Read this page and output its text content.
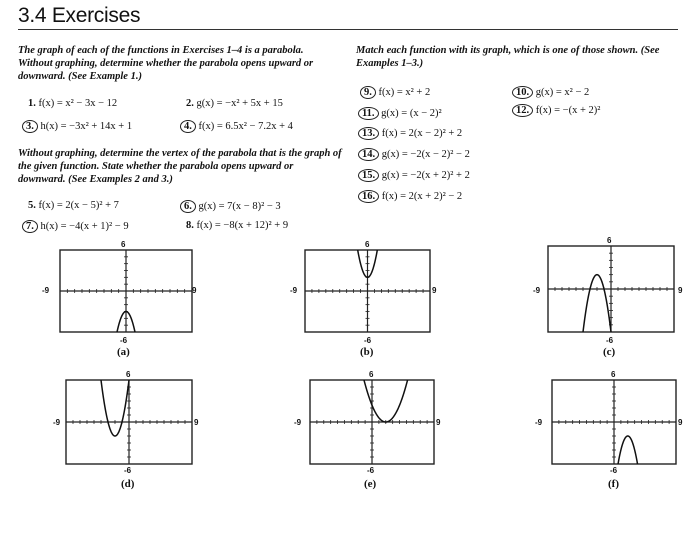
3.4 Exercises
The graph of each of the functions in Exercises 1–4 is a parabola. Without graphing, determine whether the parabola opens upward or downward. (See Example 1.)
1. f(x) = x² − 3x − 12	2. g(x) = −x² + 5x + 15
3. h(x) = −3x² + 14x + 1	4. f(x) = 6.5x² − 7.2x + 4
Without graphing, determine the vertex of the parabola that is the graph of the given function. State whether the parabola opens upward or downward. (See Examples 2 and 3.)
5. f(x) = 2(x − 5)² + 7	6. g(x) = 7(x − 8)² − 3
7. h(x) = −4(x + 1)² − 9	8. f(x) = −8(x + 12)² + 9
Match each function with its graph, which is one of those shown. (See Examples 1–3.)
9. f(x) = x² + 2	10. g(x) = x² − 2
11. g(x) = (x − 2)²	12. f(x) = −(x + 2)²
13. f(x) = 2(x − 2)² + 2
14. g(x) = −2(x − 2)² − 2
15. g(x) = −2(x + 2)² + 2
16. f(x) = 2(x + 2)² − 2
6
-9	9
-6
(a)
6
-9	9
-6
(b)
6
-9	9
-6
(c)
6
-9	9
-6
(d)
6
-9	9
-6
(e)
6
-9	9
-6
(f)
